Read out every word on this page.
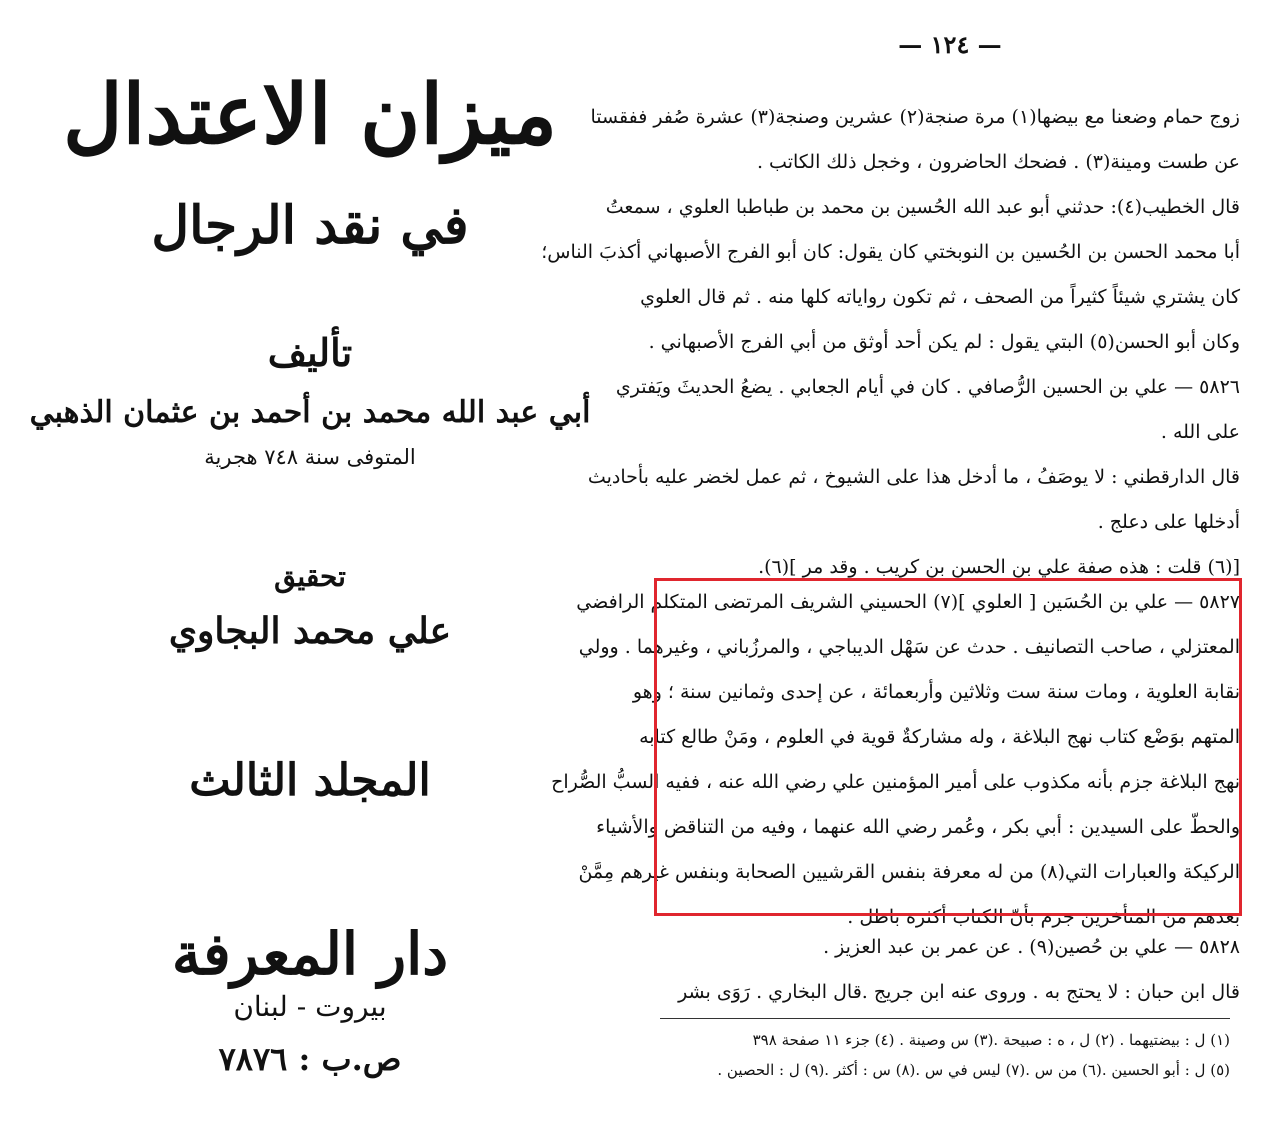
ميزان الاعتدال
في نقد الرجال
تأليف
أبي عبد الله محمد بن أحمد بن عثمان الذهبي
المتوفى سنة ٧٤٨ هجرية
تحقيق
علي محمد البجاوي
المجلد الثالث
دار المعرفة
بيروت - لبنان
ص.ب : ٧٨٧٦
— ١٢٤ —
زوج حمام وضعنا مع بيضها(١) مرة صنجة(٢) عشرين وصنجة(٣) عشرة صُفر ففقستا
عن طست ومينة(٣) . فضحك الحاضرون ، وخجل ذلك الكاتب .
قال الخطيب(٤): حدثني أبو عبد الله الحُسين بن محمد بن طباطبا العلوي ، سمعتُ
أبا محمد الحسن بن الحُسين بن النوبختي كان يقول: كان أبو الفرج الأصبهاني أكذبَ الناس؛
كان يشتري شيئاً كثيراً من الصحف ، ثم تكون رواياته كلها منه . ثم قال العلوي
وكان أبو الحسن(٥) البتي يقول : لم يكن أحد أوثق من أبي الفرج الأصبهاني .
٥٨٢٦ — علي بن الحسين الرُّصافي . كان في أيام الجعابي . يضعُ الحديثَ ويَفتري
على الله .
قال الدارقطني : لا يوصَفُ ، ما أدخل هذا على الشيوخ ، ثم عمل لخضر عليه بأحاديث
أدخلها على دعلج .
[(٦) قلت : هذه صفة علي بن الحسن بن كريب . وقد مر ](٦).
٥٨٢٧ — علي بن الحُسَين [ العلوي ](٧) الحسيني الشريف المرتضى المتكلم الرافضي
المعتزلي ، صاحب التصانيف . حدث عن سَهْل الديباجي ، والمرزُباني ، وغيرهما . وولي
نقابة العلوية ، ومات سنة ست وثلاثين وأربعمائة ، عن إحدى وثمانين سنة ؛ وهو
المتهم بوَضْع كتاب نهج البلاغة ، وله مشاركةٌ قوية في العلوم ، ومَنْ طالع كتابه
نهج البلاغة جزم بأنه مكذوب على أمير المؤمنين علي رضي الله عنه ، ففيه السبُّ الصُّراح
والحطّ على السيدين : أبي بكر ، وعُمر رضي الله عنهما ، وفيه من التناقض والأشياء
الركيكة والعبارات التي(٨) من له معرفة بنفس القرشيين الصحابة وبنفس غيرهم مِمَّنْ
بعدهم من المتأخرين جزم بأنّ الكتاب أكثره باطل .
٥٨٢٨ — علي بن حُصين(٩) . عن عمر بن عبد العزيز .
قال ابن حبان : لا يحتج به . وروى عنه ابن جريج .قال البخاري . رَوَى بشر
(١) ل : بيضتيهما . (٢) ل ، ه : صبيحة .(٣) س وصينة . (٤) جزء ١١ صفحة ٣٩٨
(٥) ل : أبو الحسين .(٦) من س .(٧) ليس في س .(٨) س : أكثر .(٩) ل : الحصين .
